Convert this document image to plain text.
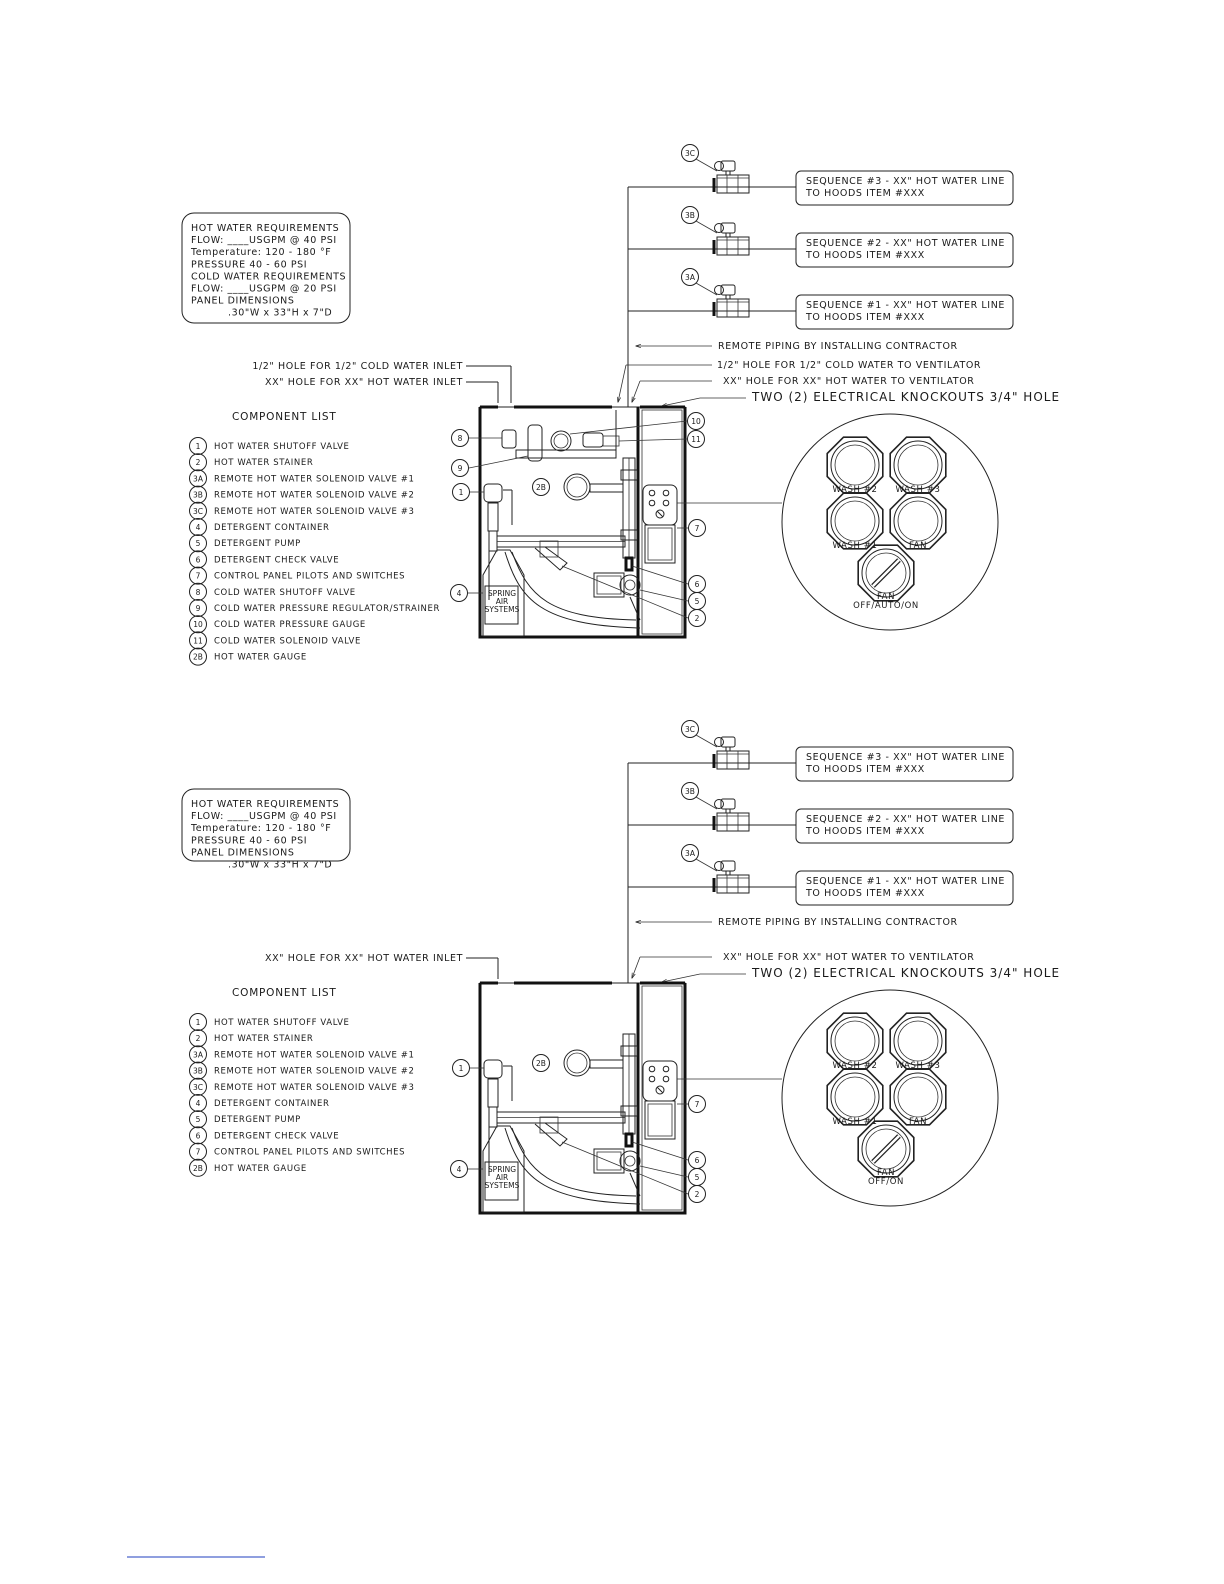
HOT WATER REQUIREMENTS
FLOW: ____USGPM @ 40 PSI
Temperature: 120 - 180 °F
PRESSURE 40 - 60 PSI
COLD WATER REQUIREMENTS
FLOW: ____USGPM @ 20 PSI
PANEL DIMENSIONS
.30"W x 33"H x 7"D
3C
SEQUENCE #3 - XX" HOT WATER LINE
TO HOODS ITEM #XXX
3B
SEQUENCE #2 - XX" HOT WATER LINE
TO HOODS ITEM #XXX
3A
SEQUENCE #1 - XX" HOT WATER LINE
TO HOODS ITEM #XXX
REMOTE PIPING BY INSTALLING CONTRACTOR
1/2" HOLE FOR 1/2" COLD WATER INLET
XX" HOLE FOR XX" HOT WATER INLET
1/2" HOLE FOR 1/2" COLD WATER TO VENTILATOR
XX" HOLE FOR XX" HOT WATER TO VENTILATOR
TWO (2) ELECTRICAL KNOCKOUTS 3/4" HOLE
COMPONENT LIST
1 HOT WATER SHUTOFF VALVE
2 HOT WATER STAINER
3A REMOTE HOT WATER SOLENOID VALVE #1
3B REMOTE HOT WATER SOLENOID VALVE #2
3C REMOTE HOT WATER SOLENOID VALVE #3
4 DETERGENT CONTAINER
5 DETERGENT PUMP
6 DETERGENT CHECK VALVE
7 CONTROL PANEL PILOTS AND SWITCHES
8 COLD WATER SHUTOFF VALVE
9 COLD WATER PRESSURE REGULATOR/STRAINER
10 COLD WATER PRESSURE GAUGE
11 COLD WATER SOLENOID VALVE
2B HOT WATER GAUGE
SPRING
AIR
SYSTEMS
2B
1
4
6
5
2
7
8
9
10
11
WASH #2 WASH #3
WASH #1	FAN
FAN
OFF/AUTO/ON
HOT WATER REQUIREMENTS
FLOW: ____USGPM @ 40 PSI
Temperature: 120 - 180 °F
PRESSURE 40 - 60 PSI
PANEL DIMENSIONS
.30"W x 33"H x 7"D
3C
SEQUENCE #3 - XX" HOT WATER LINE
TO HOODS ITEM #XXX
3B
SEQUENCE #2 - XX" HOT WATER LINE
TO HOODS ITEM #XXX
3A
SEQUENCE #1 - XX" HOT WATER LINE
TO HOODS ITEM #XXX
REMOTE PIPING BY INSTALLING CONTRACTOR
XX" HOLE FOR XX" HOT WATER INLET	XX" HOLE FOR XX" HOT WATER TO VENTILATOR
TWO (2) ELECTRICAL KNOCKOUTS 3/4" HOLE
COMPONENT LIST
1 HOT WATER SHUTOFF VALVE
2 HOT WATER STAINER
3A REMOTE HOT WATER SOLENOID VALVE #1
3B REMOTE HOT WATER SOLENOID VALVE #2
3C REMOTE HOT WATER SOLENOID VALVE #3
4 DETERGENT CONTAINER
5 DETERGENT PUMP
6 DETERGENT CHECK VALVE
7 CONTROL PANEL PILOTS AND SWITCHES
2B HOT WATER GAUGE	SPRING
AIR
SYSTEMS
2B
1
4
6
5
2
7
WASH #2 WASH #3
WASH #1	FAN
FAN
OFF/ON
